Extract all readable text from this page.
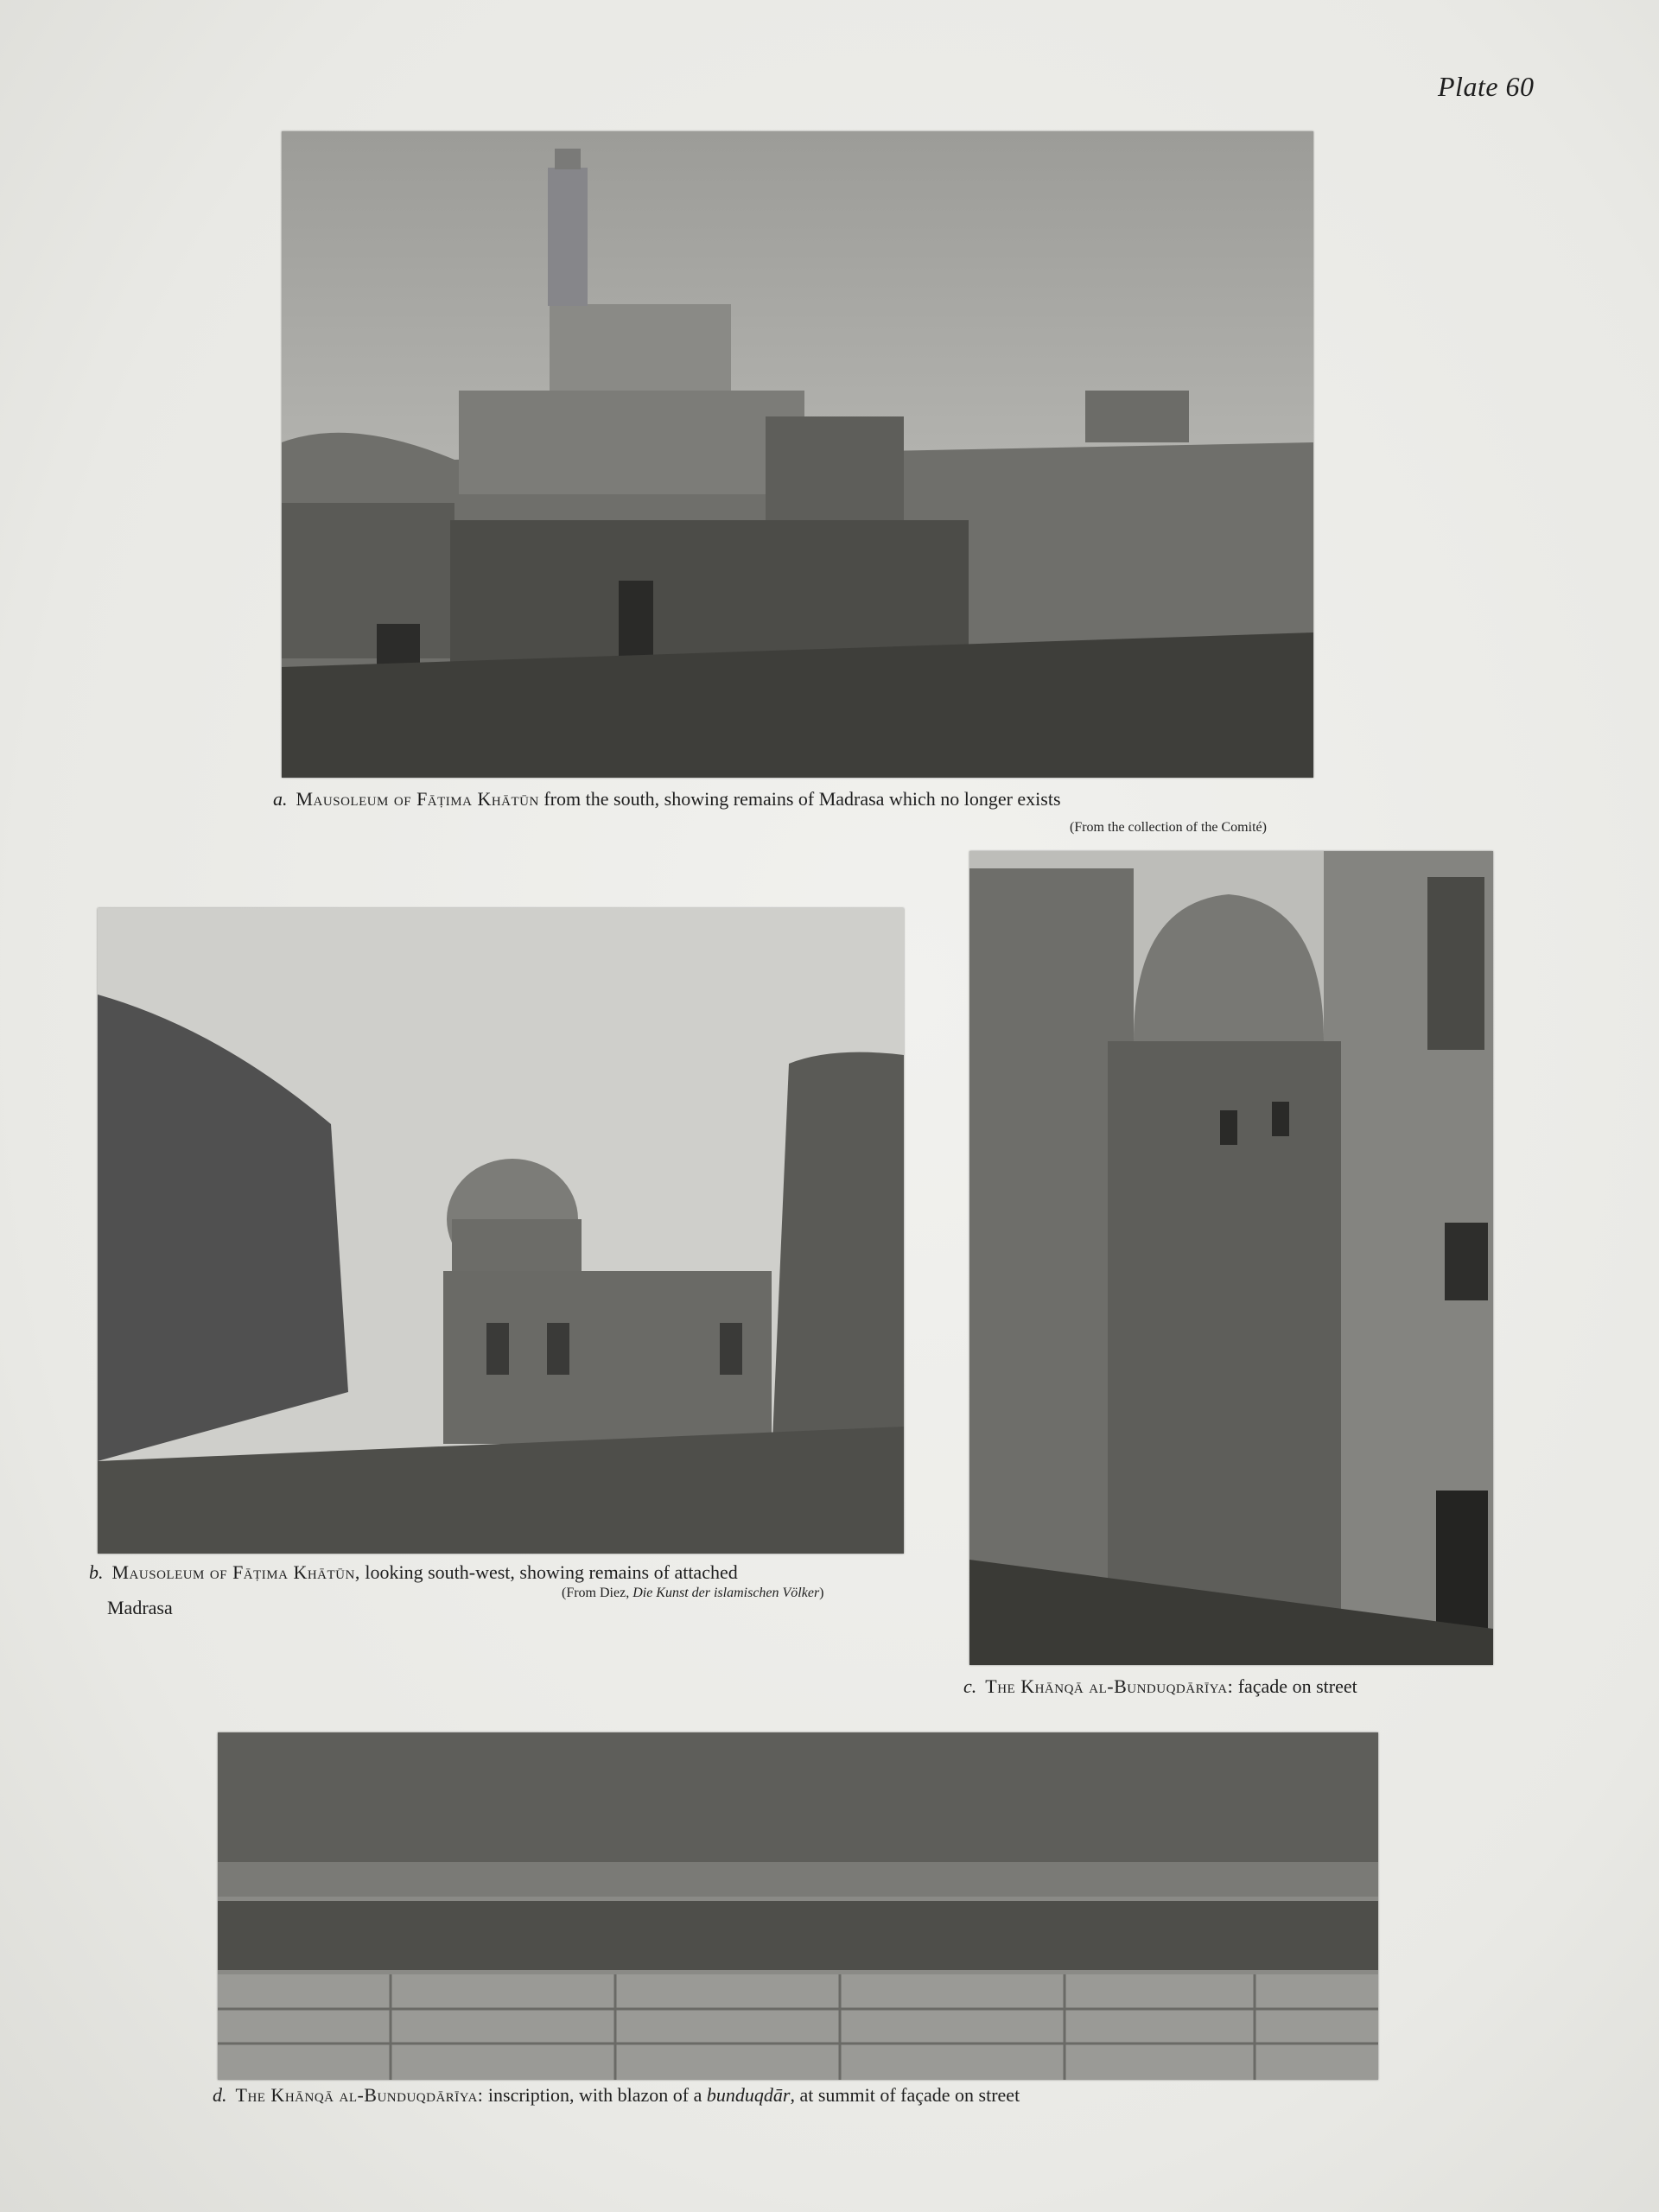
Plate 60
a. Mausoleum of Fāṭima Khātūn from the south, showing remains of Madrasa which no longer exists
(From the collection of the Comité)
b. Mausoleum of Fāṭima Khātūn, looking south-west, showing remains of attached
Madrasa
(From Diez, Die Kunst der islamischen Völker)
c. The Khānqā al-Bunduqdārīya: façade on street
d. The Khānqā al-Bunduqdārīya: inscription, with blazon of a bunduqdār, at summit of façade on street
